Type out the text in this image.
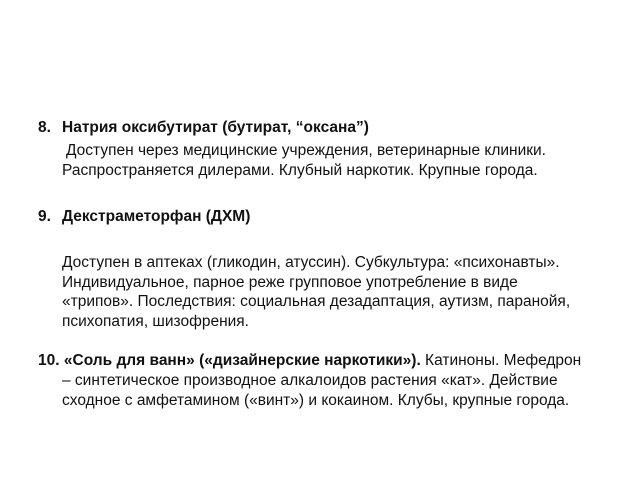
8. Натрия оксибутират (бутират, “оксана”)
Доступен через медицинские учреждения, ветеринарные клиники.
Распространяется дилерами. Клубный наркотик. Крупные города.
9. Декстраметорфан (ДХМ)
Доступен в аптеках (гликодин, атуссин). Субкультура: «психонавты».
Индивидуальное, парное реже групповое употребление в виде
«трипов». Последствия: социальная дезадаптация, аутизм, паранойя,
психопатия, шизофрения.
10. «Соль для ванн» («дизайнерские наркотики»). Катиноны. Мефедрон
– синтетическое производное алкалоидов растения «кат». Действие
сходное с амфетамином («винт») и кокаином. Клубы, крупные города.
